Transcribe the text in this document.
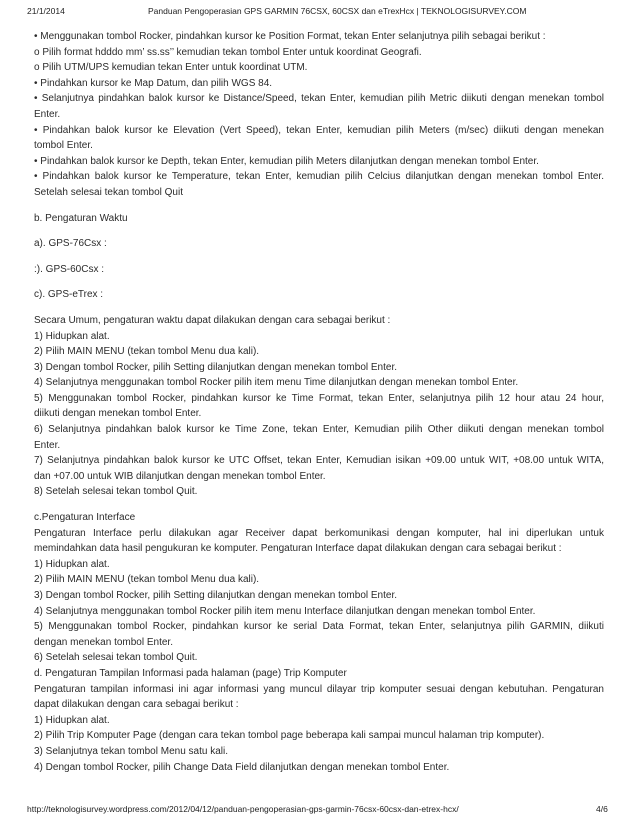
21/1/2014	Panduan Pengoperasian GPS GARMIN 76CSX, 60CSX dan eTrexHcx | TEKNOLOGISURVEY.COM
• Menggunakan tombol Rocker, pindahkan kursor ke Position Format, tekan Enter selanjutnya pilih sebagai berikut :
o Pilih format hdddo mm’ ss.ss’’ kemudian tekan tombol Enter untuk koordinat Geografi.
o Pilih UTM/UPS kemudian tekan Enter untuk koordinat UTM.
• Pindahkan kursor ke Map Datum, dan pilih WGS 84.
• Selanjutnya pindahkan balok kursor ke Distance/Speed, tekan Enter, kemudian pilih Metric diikuti dengan menekan tombol
Enter.
• Pindahkan balok kursor ke Elevation (Vert Speed), tekan Enter, kemudian pilih Meters (m/sec) diikuti dengan menekan
tombol Enter.
• Pindahkan balok kursor ke Depth, tekan Enter, kemudian pilih Meters dilanjutkan dengan menekan tombol Enter.
• Pindahkan balok kursor ke Temperature, tekan Enter, kemudian pilih Celcius dilanjutkan dengan menekan tombol Enter.
Setelah selesai tekan tombol Quit
b. Pengaturan Waktu
a). GPS-76Csx :
:). GPS-60Csx :
c). GPS-eTrex :
Secara Umum, pengaturan waktu dapat dilakukan dengan cara sebagai berikut :
1) Hidupkan alat.
2) Pilih MAIN MENU (tekan tombol Menu dua kali).
3) Dengan tombol Rocker, pilih Setting dilanjutkan dengan menekan tombol Enter.
4) Selanjutnya menggunakan tombol Rocker pilih item menu Time dilanjutkan dengan menekan tombol Enter.
5) Menggunakan tombol Rocker, pindahkan kursor ke Time Format, tekan Enter, selanjutnya pilih 12 hour atau 24 hour,
diikuti dengan menekan tombol Enter.
6) Selanjutnya pindahkan balok kursor ke Time Zone, tekan Enter, Kemudian pilih Other diikuti dengan menekan tombol
Enter.
7) Selanjutnya pindahkan balok kursor ke UTC Offset, tekan Enter, Kemudian isikan +09.00 untuk WIT, +08.00 untuk WITA,
dan +07.00 untuk WIB dilanjutkan dengan menekan tombol Enter.
8) Setelah selesai tekan tombol Quit.
c.Pengaturan Interface
Pengaturan Interface perlu dilakukan agar Receiver dapat berkomunikasi dengan komputer, hal ini diperlukan untuk
memindahkan data hasil pengukuran ke komputer. Pengaturan Interface dapat dilakukan dengan cara sebagai berikut :
1) Hidupkan alat.
2) Pilih MAIN MENU (tekan tombol Menu dua kali).
3) Dengan tombol Rocker, pilih Setting dilanjutkan dengan menekan tombol Enter.
4) Selanjutnya menggunakan tombol Rocker pilih item menu Interface dilanjutkan dengan menekan tombol Enter.
5) Menggunakan tombol Rocker, pindahkan kursor ke serial Data Format, tekan Enter, selanjutnya pilih GARMIN, diikuti
dengan menekan tombol Enter.
6) Setelah selesai tekan tombol Quit.
d. Pengaturan Tampilan Informasi pada halaman (page) Trip Komputer
Pengaturan tampilan informasi ini agar informasi yang muncul dilayar trip komputer sesuai dengan kebutuhan. Pengaturan
dapat dilakukan dengan cara sebagai berikut :
1) Hidupkan alat.
2) Pilih Trip Komputer Page (dengan cara tekan tombol page beberapa kali sampai muncul halaman trip komputer).
3) Selanjutnya tekan tombol Menu satu kali.
4) Dengan tombol Rocker, pilih Change Data Field dilanjutkan dengan menekan tombol Enter.
http://teknologisurvey.wordpress.com/2012/04/12/panduan-pengoperasian-gps-garmin-76csx-60csx-dan-etrex-hcx/	4/6
